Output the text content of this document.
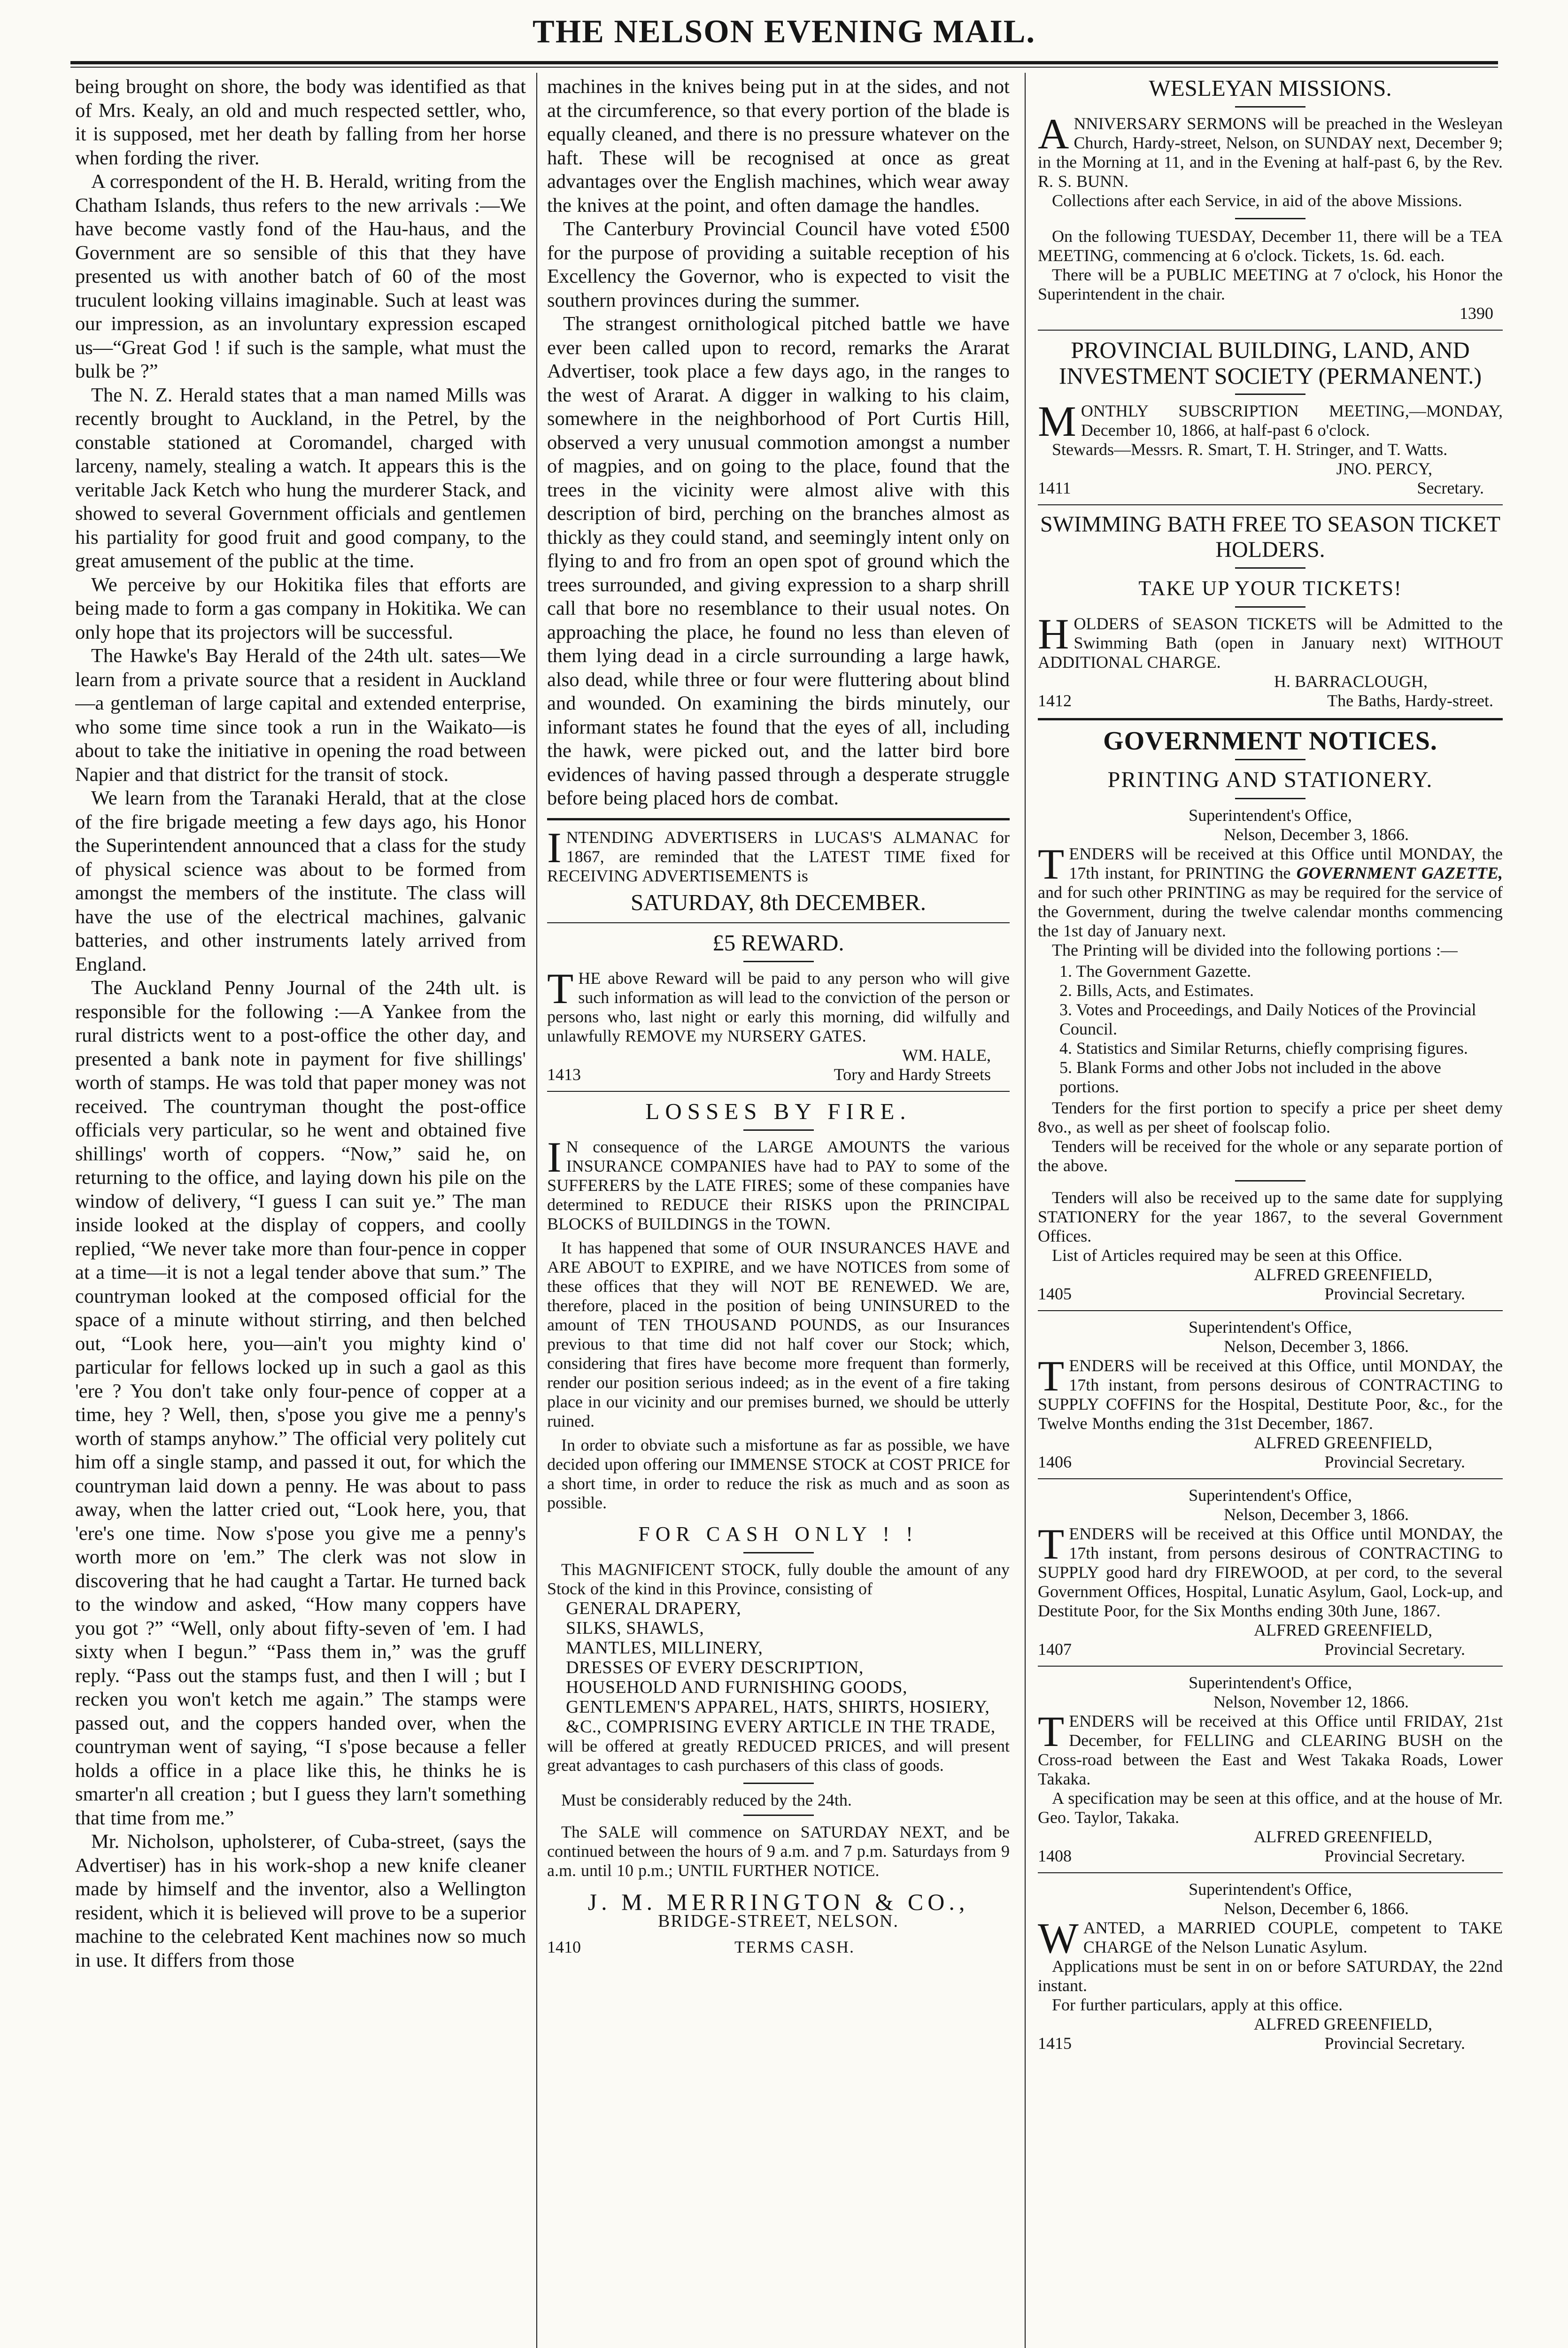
THE NELSON EVENING MAIL.

being brought on shore, the body was identified as that of Mrs. Kealy, an old and much respected settler, who, it is supposed, met her death by falling from her horse when fording the river.

A correspondent of the H. B. Herald, writing from the Chatham Islands, thus refers to the new arrivals :—We have become vastly fond of the Hau-haus, and the Government are so sensible of this that they have presented us with another batch of 60 of the most truculent looking villains imaginable. Such at least was our impression, as an involuntary expression escaped us—“Great God ! if such is the sample, what must the bulk be ?”

The N. Z. Herald states that a man named Mills was recently brought to Auckland, in the Petrel, by the constable stationed at Coromandel, charged with larceny, namely, stealing a watch. It appears this is the veritable Jack Ketch who hung the murderer Stack, and showed to several Government officials and gentlemen his partiality for good fruit and good company, to the great amusement of the public at the time.

We perceive by our Hokitika files that efforts are being made to form a gas company in Hokitika. We can only hope that its projectors will be successful.

The Hawke's Bay Herald of the 24th ult. sates—We learn from a private source that a resident in Auckland—a gentleman of large capital and extended enterprise, who some time since took a run in the Waikato—is about to take the initiative in opening the road between Napier and that district for the transit of stock.

We learn from the Taranaki Herald, that at the close of the fire brigade meeting a few days ago, his Honor the Superintendent announced that a class for the study of physical science was about to be formed from amongst the members of the institute. The class will have the use of the electrical machines, galvanic batteries, and other instruments lately arrived from England.

The Auckland Penny Journal of the 24th ult. is responsible for the following :—A Yankee from the rural districts went to a post-office the other day, and presented a bank note in payment for five shillings' worth of stamps. He was told that paper money was not received. The countryman thought the post-office officials very particular, so he went and obtained five shillings' worth of coppers. “Now,” said he, on returning to the office, and laying down his pile on the window of delivery, “I guess I can suit ye.” The man inside looked at the display of coppers, and coolly replied, “We never take more than four-pence in copper at a time—it is not a legal tender above that sum.” The countryman looked at the composed official for the space of a minute without stirring, and then belched out, “Look here, you—ain't you mighty kind o' particular for fellows locked up in such a gaol as this 'ere ? You don't take only four-pence of copper at a time, hey ? Well, then, s'pose you give me a penny's worth of stamps anyhow.” The official very politely cut him off a single stamp, and passed it out, for which the countryman laid down a penny. He was about to pass away, when the latter cried out, “Look here, you, that 'ere's one time. Now s'pose you give me a penny's worth more on 'em.” The clerk was not slow in discovering that he had caught a Tartar. He turned back to the window and asked, “How many coppers have you got ?” “Well, only about fifty-seven of 'em. I had sixty when I begun.” “Pass them in,” was the gruff reply. “Pass out the stamps fust, and then I will ; but I recken you won't ketch me again.” The stamps were passed out, and the coppers handed over, when the countryman went of saying, “I s'pose because a feller holds a office in a place like this, he thinks he is smarter'n all creation ; but I guess they larn't something that time from me.”

Mr. Nicholson, upholsterer, of Cuba-street, (says the Advertiser) has in his work-shop a new knife cleaner made by himself and the inventor, also a Wellington resident, which it is believed will prove to be a superior machine to the celebrated Kent machines now so much in use. It differs from those

machines in the knives being put in at the sides, and not at the circumference, so that every portion of the blade is equally cleaned, and there is no pressure whatever on the haft. These will be recognised at once as great advantages over the English machines, which wear away the knives at the point, and often damage the handles.

The Canterbury Provincial Council have voted £500 for the purpose of providing a suitable reception of his Excellency the Governor, who is expected to visit the southern provinces during the summer.

The strangest ornithological pitched battle we have ever been called upon to record, remarks the Ararat Advertiser, took place a few days ago, in the ranges to the west of Ararat. A digger in walking to his claim, somewhere in the neighborhood of Port Curtis Hill, observed a very unusual commotion amongst a number of magpies, and on going to the place, found that the trees in the vicinity were almost alive with this description of bird, perching on the branches almost as thickly as they could stand, and seemingly intent only on flying to and fro from an open spot of ground which the trees surrounded, and giving expression to a sharp shrill call that bore no resemblance to their usual notes. On approaching the place, he found no less than eleven of them lying dead in a circle surrounding a large hawk, also dead, while three or four were fluttering about blind and wounded. On examining the birds minutely, our informant states he found that the eyes of all, including the hawk, were picked out, and the latter bird bore evidences of having passed through a desperate struggle before being placed hors de combat.

INTENDING ADVERTISERS in LUCAS'S ALMANAC for 1867, are reminded that the LATEST TIME fixed for RECEIVING ADVERTISEMENTS is

SATURDAY, 8th DECEMBER.
£5 REWARD.

THE above Reward will be paid to any person who will give such information as will lead to the conviction of the person or persons who, last night or early this morning, did wilfully and unlawfully REMOVE my NURSERY GATES.

WM. HALE,
1413	Tory and Hardy Streets
LOSSES BY FIRE.

I N consequence of the LARGE AMOUNTS the various INSURANCE COMPANIES have had to PAY to some of the SUFFERERS by the LATE FIRES; some of these companies have determined to REDUCE their RISKS upon the PRINCIPAL BLOCKS of BUILDINGS in the TOWN.

It has happened that some of OUR INSURANCES HAVE and ARE ABOUT to EXPIRE, and we have NOTICES from some of these offices that they will NOT BE RENEWED. We are, therefore, placed in the position of being UNINSURED to the amount of TEN THOUSAND POUNDS, as our Insurances previous to that time did not half cover our Stock; which, considering that fires have become more frequent than formerly, render our position serious indeed; as in the event of a fire taking place in our vicinity and our premises burned, we should be utterly ruined.

In order to obviate such a misfortune as far as possible, we have decided upon offering our IMMENSE STOCK at COST PRICE for a short time, in order to reduce the risk as much and as soon as possible.

FOR CASH ONLY ! !

This MAGNIFICENT STOCK, fully double the amount of any Stock of the kind in this Province, consisting of

GENERAL DRAPERY,
SILKS, SHAWLS,
MANTLES, MILLINERY,
DRESSES OF EVERY DESCRIPTION,
HOUSEHOLD AND FURNISHING GOODS,
GENTLEMEN'S APPAREL, HATS, SHIRTS, HOSIERY, &C., COMPRISING EVERY ARTICLE IN THE TRADE,

will be offered at greatly REDUCED PRICES, and will present great advantages to cash purchasers of this class of goods.

Must be considerably reduced by the 24th.

The SALE will commence on SATURDAY NEXT, and be continued between the hours of 9 a.m. and 7 p.m. Saturdays from 9 a.m. until 10 p.m.; UNTIL FURTHER NOTICE.

J. M. MERRINGTON & CO.,
BRIDGE-STREET, NELSON.
1410	TERMS CASH.
WESLEYAN MISSIONS.

ANNIVERSARY SERMONS will be preached in the Wesleyan Church, Hardy-street, Nelson, on SUNDAY next, December 9; in the Morning at 11, and in the Evening at half-past 6, by the Rev. R. S. BUNN.

Collections after each Service, in aid of the above Missions.

On the following TUESDAY, December 11, there will be a TEA MEETING, commencing at 6 o'clock. Tickets, 1s. 6d. each.

There will be a PUBLIC MEETING at 7 o'clock, his Honor the Superintendent in the chair.

1390
PROVINCIAL BUILDING, LAND, AND INVESTMENT SOCIETY (PERMANENT.)

MONTHLY SUBSCRIPTION MEETING,—MONDAY, December 10, 1866, at half-past 6 o'clock.

Stewards—Messrs. R. Smart, T. H. Stringer, and T. Watts.

JNO. PERCY,
1411	Secretary.
SWIMMING BATH FREE TO SEASON TICKET HOLDERS.
TAKE UP YOUR TICKETS!

HOLDERS of SEASON TICKETS will be Admitted to the Swimming Bath (open in January next) WITHOUT ADDITIONAL CHARGE.

H. BARRACLOUGH,
1412	The Baths, Hardy-street.
GOVERNMENT NOTICES.
PRINTING AND STATIONERY.
Superintendent's Office,
Nelson, December 3, 1866.

TENDERS will be received at this Office until MONDAY, the 17th instant, for PRINTING the GOVERNMENT GAZETTE, and for such other PRINTING as may be required for the service of the Government, during the twelve calendar months commencing the 1st day of January next.

The Printing will be divided into the following portions :—

1. The Government Gazette.
2. Bills, Acts, and Estimates.
3. Votes and Proceedings, and Daily Notices of the Provincial Council.
4. Statistics and Similar Returns, chiefly comprising figures.
5. Blank Forms and other Jobs not included in the above portions.

Tenders for the first portion to specify a price per sheet demy 8vo., as well as per sheet of foolscap folio.

Tenders will be received for the whole or any separate portion of the above.

Tenders will also be received up to the same date for supplying STATIONERY for the year 1867, to the several Government Offices.

List of Articles required may be seen at this Office.

ALFRED GREENFIELD,
1405	Provincial Secretary.
Superintendent's Office,
Nelson, December 3, 1866.

TENDERS will be received at this Office, until MONDAY, the 17th instant, from persons desirous of CONTRACTING to SUPPLY COFFINS for the Hospital, Destitute Poor, &c., for the Twelve Months ending the 31st December, 1867.

ALFRED GREENFIELD,
1406	Provincial Secretary.
Superintendent's Office,
Nelson, December 3, 1866.

TENDERS will be received at this Office until MONDAY, the 17th instant, from persons desirous of CONTRACTING to SUPPLY good hard dry FIREWOOD, at per cord, to the several Government Offices, Hospital, Lunatic Asylum, Gaol, Lock-up, and Destitute Poor, for the Six Months ending 30th June, 1867.

ALFRED GREENFIELD,
1407	Provincial Secretary.
Superintendent's Office,
Nelson, November 12, 1866.

TENDERS will be received at this Office until FRIDAY, 21st December, for FELLING and CLEARING BUSH on the Cross-road between the East and West Takaka Roads, Lower Takaka.

A specification may be seen at this office, and at the house of Mr. Geo. Taylor, Takaka.

ALFRED GREENFIELD,
1408	Provincial Secretary.
Superintendent's Office,
Nelson, December 6, 1866.

WANTED, a MARRIED COUPLE, competent to TAKE CHARGE of the Nelson Lunatic Asylum.

Applications must be sent in on or before SATURDAY, the 22nd instant.

For further particulars, apply at this office.

ALFRED GREENFIELD,
1415	Provincial Secretary.
